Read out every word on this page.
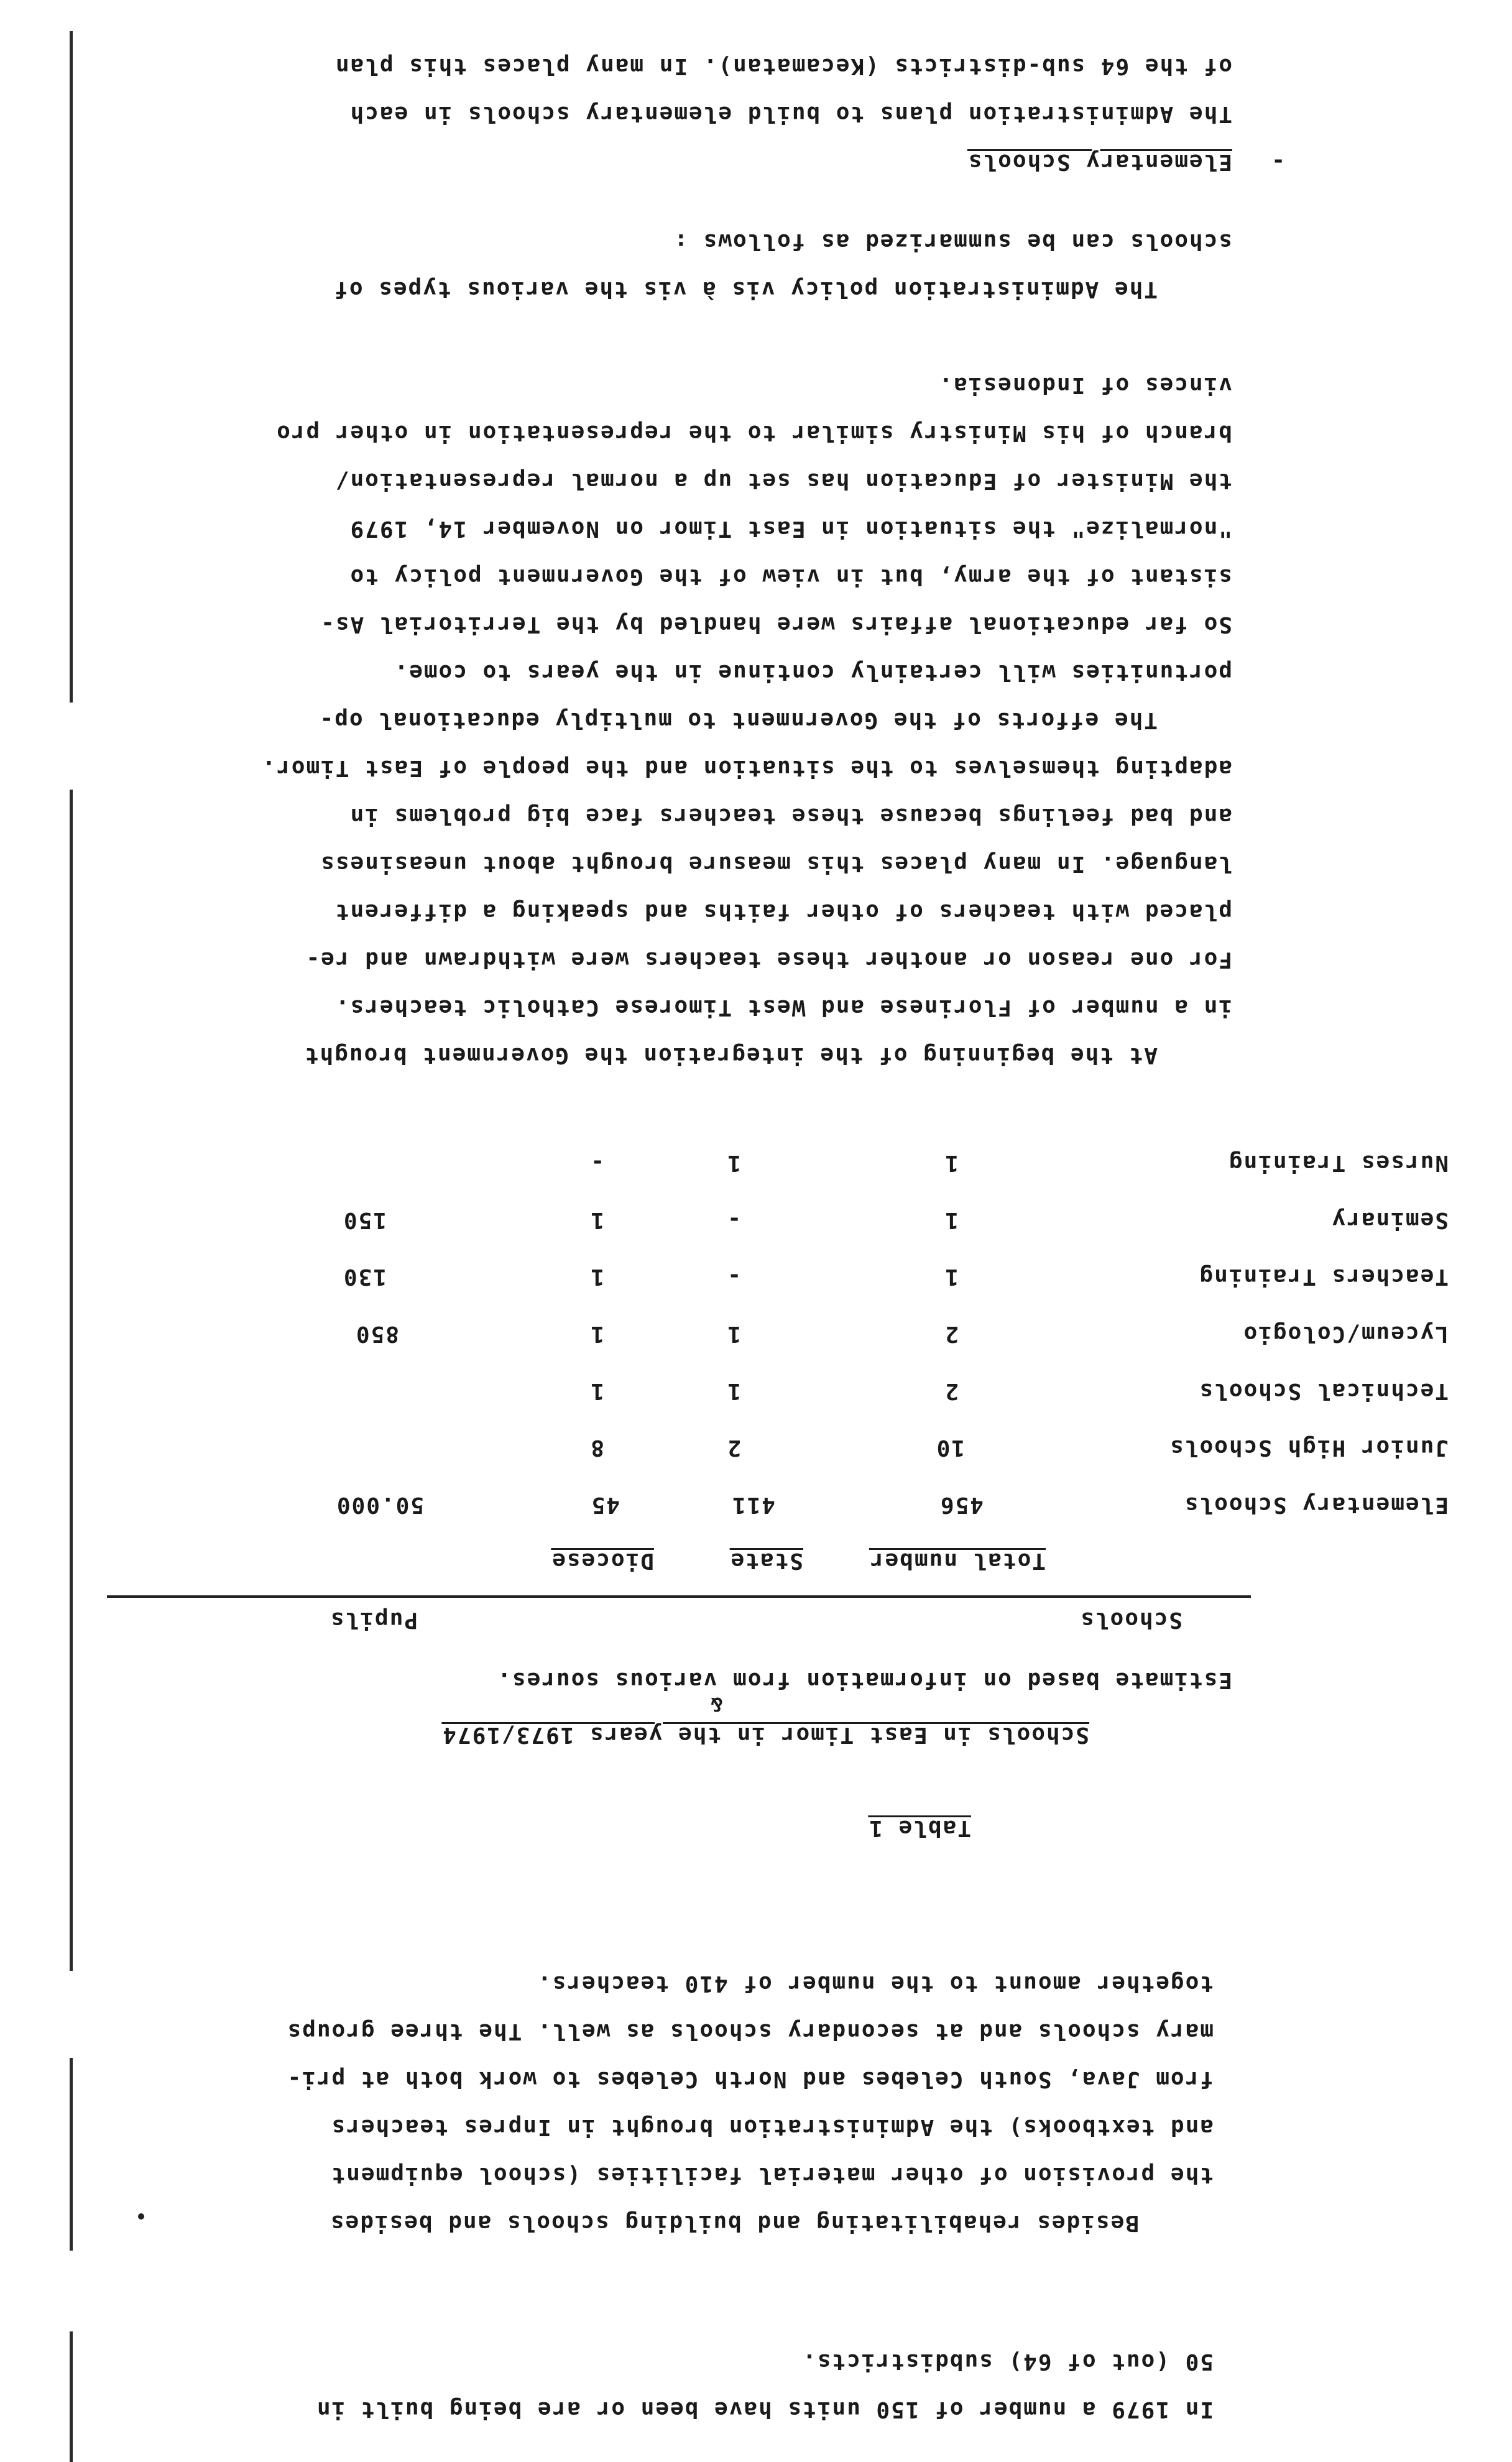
In 1979 a number of 150 units have been or are being built in
50 (out of 64) subdistricts.
Besides rehabilitating and building schools and besides
the provision of other material facilities (school equipment
and textbooks) the Administration brought in Inpres teachers
from Java, South Celebes and North Celebes to work both at pri-
mary schools and at secondary schools as well. The three groups
together amount to the number of 410 teachers.
Table 1
Schools in East Timor in the years 1973/1974
&
Estimate based on information from various soures.
Schools
Pupils
Total number
State
Diocese
Elementary Schools
456
411
45
50.000
Junior High Schools
10
2
8
Technical Schools
2
1
1
Lyceum/Cologio
2
1
1
850
Teachers Training
1
-
1
130
Seminary
1
-
1
150
Nurses Training
1
1
-
At the beginning of the integration the Government brought
in a number of Florinese and West Timorese Catholic teachers.
For one reason or another these teachers were withdrawn and re-
placed with teachers of other faiths and speaking a different
language. In many places this measure brought about uneasiness
and bad feelings because these teachers face big problems in
adapting themselves to the situation and the people of East Timor.
The efforts of the Government to multiply educational op-
portunities will certainly continue in the years to come.
So far educational affairs were handled by the Territorial As-
sistant of the army, but in view of the Government policy to
"normalize" the situation in East Timor on November 14, 1979
the Minister of Education has set up a normal representation/
branch of his Ministry similar to the representation in other pro
vinces of Indonesia.
The Administration policy vis à vis the various types of
schools can be summarized as follows :
-
Elementary Schools
The Administration plans to build elementary schools in each
of the 64 sub-districts (Kecamatan). In many places this plan
